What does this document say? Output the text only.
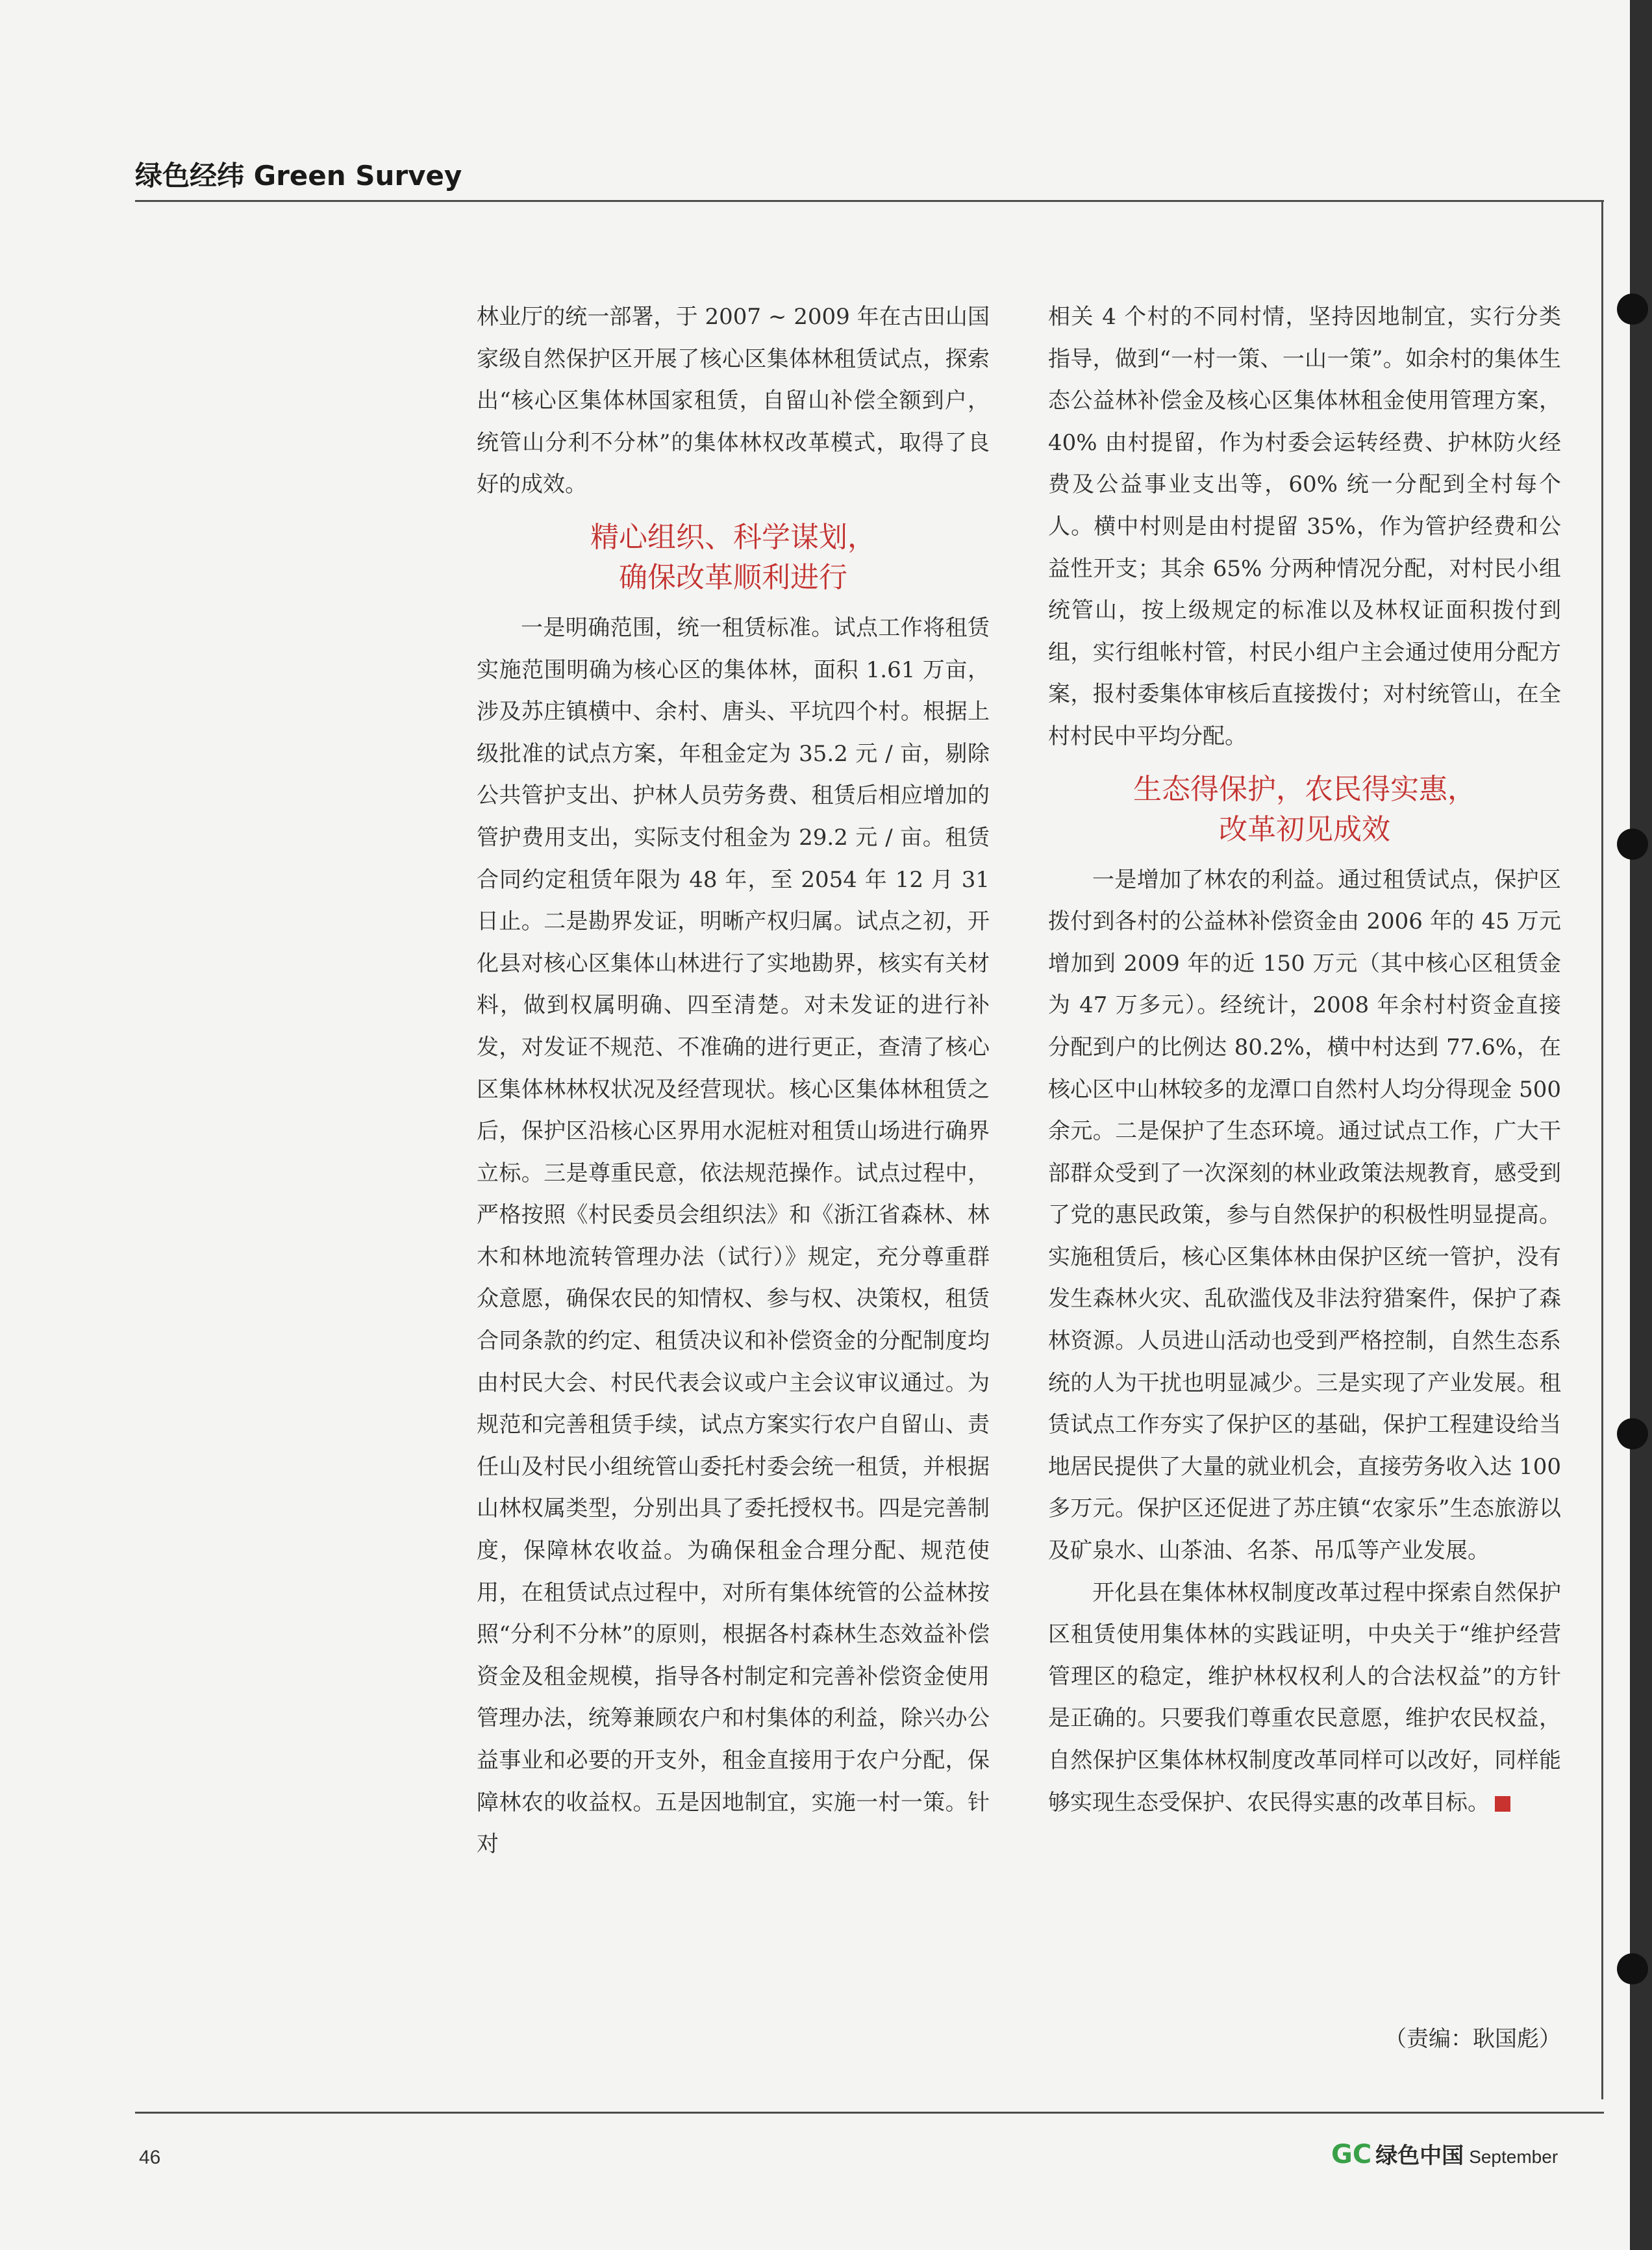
绿色经纬 Green Survey

林业厅的统一部署，于 2007 ~ 2009 年在古田山国家级自然保护区开展了核心区集体林租赁试点，探索出“核心区集体林国家租赁，自留山补偿全额到户，统管山分利不分林”的集体林权改革模式，取得了良好的成效。

精心组织、科学谋划，
确保改革顺利进行

一是明确范围，统一租赁标准。试点工作将租赁实施范围明确为核心区的集体林，面积 1.61 万亩，涉及苏庄镇横中、余村、唐头、平坑四个村。根据上级批准的试点方案，年租金定为 35.2 元 / 亩，剔除公共管护支出、护林人员劳务费、租赁后相应增加的管护费用支出，实际支付租金为 29.2 元 / 亩。租赁合同约定租赁年限为 48 年，至 2054 年 12 月 31 日止。二是勘界发证，明晰产权归属。试点之初，开化县对核心区集体山林进行了实地勘界，核实有关材料，做到权属明确、四至清楚。对未发证的进行补发，对发证不规范、不准确的进行更正，查清了核心区集体林林权状况及经营现状。核心区集体林租赁之后，保护区沿核心区界用水泥桩对租赁山场进行确界立标。三是尊重民意，依法规范操作。试点过程中，严格按照《村民委员会组织法》和《浙江省森林、林木和林地流转管理办法（试行）》规定，充分尊重群众意愿，确保农民的知情权、参与权、决策权，租赁合同条款的约定、租赁决议和补偿资金的分配制度均由村民大会、村民代表会议或户主会议审议通过。为规范和完善租赁手续，试点方案实行农户自留山、责任山及村民小组统管山委托村委会统一租赁，并根据山林权属类型，分别出具了委托授权书。四是完善制度，保障林农收益。为确保租金合理分配、规范使用，在租赁试点过程中，对所有集体统管的公益林按照“分利不分林”的原则，根据各村森林生态效益补偿资金及租金规模，指导各村制定和完善补偿资金使用管理办法，统筹兼顾农户和村集体的利益，除兴办公益事业和必要的开支外，租金直接用于农户分配，保障林农的收益权。五是因地制宜，实施一村一策。针对

相关 4 个村的不同村情，坚持因地制宜，实行分类指导，做到“一村一策、一山一策”。如余村的集体生态公益林补偿金及核心区集体林租金使用管理方案，40% 由村提留，作为村委会运转经费、护林防火经费及公益事业支出等，60% 统一分配到全村每个人。横中村则是由村提留 35%，作为管护经费和公益性开支；其余 65% 分两种情况分配，对村民小组统管山，按上级规定的标准以及林权证面积拨付到组，实行组帐村管，村民小组户主会通过使用分配方案，报村委集体审核后直接拨付；对村统管山，在全村村民中平均分配。

生态得保护，农民得实惠，
改革初见成效

一是增加了林农的利益。通过租赁试点，保护区拨付到各村的公益林补偿资金由 2006 年的 45 万元增加到 2009 年的近 150 万元（其中核心区租赁金为 47 万多元）。经统计，2008 年余村村资金直接分配到户的比例达 80.2%，横中村达到 77.6%，在核心区中山林较多的龙潭口自然村人均分得现金 500 余元。二是保护了生态环境。通过试点工作，广大干部群众受到了一次深刻的林业政策法规教育，感受到了党的惠民政策，参与自然保护的积极性明显提高。实施租赁后，核心区集体林由保护区统一管护，没有发生森林火灾、乱砍滥伐及非法狩猎案件，保护了森林资源。人员进山活动也受到严格控制，自然生态系统的人为干扰也明显减少。三是实现了产业发展。租赁试点工作夯实了保护区的基础，保护工程建设给当地居民提供了大量的就业机会，直接劳务收入达 100 多万元。保护区还促进了苏庄镇“农家乐”生态旅游以及矿泉水、山茶油、名茶、吊瓜等产业发展。

开化县在集体林权制度改革过程中探索自然保护区租赁使用集体林的实践证明，中央关于“维护经营管理区的稳定，维护林权权利人的合法权益”的方针是正确的。只要我们尊重农民意愿，维护农民权益，自然保护区集体林权制度改革同样可以改好，同样能够实现生态受保护、农民得实惠的改革目标。

（责编：耿国彪）
46	GC 绿色中国 September
